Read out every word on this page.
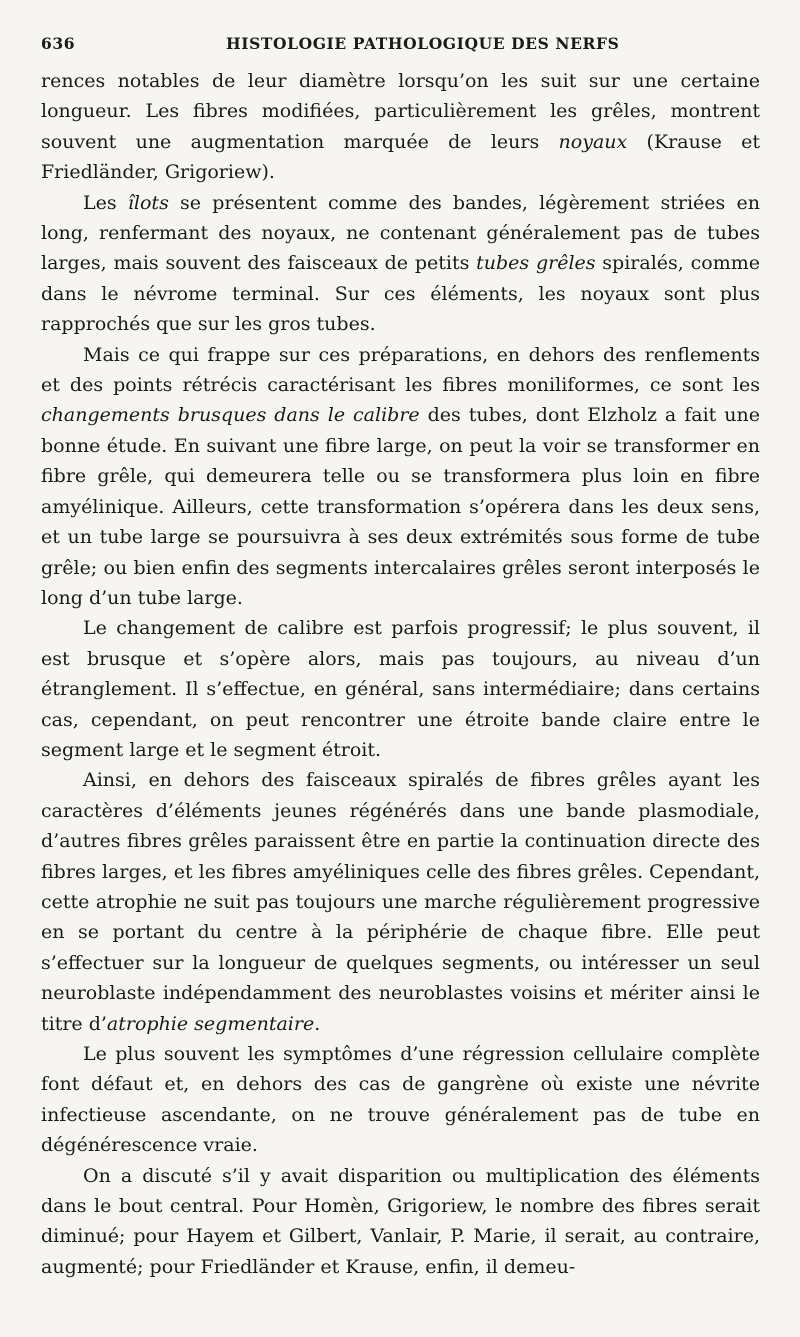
636	HISTOLOGIE PATHOLOGIQUE DES NERFS

rences notables de leur diamètre lorsqu’on les suit sur une certaine longueur. Les fibres modifiées, particulièrement les grêles, montrent souvent une augmentation marquée de leurs noyaux (Krause et Friedländer, Grigoriew).

Les îlots se présentent comme des bandes, légèrement striées en long, renfermant des noyaux, ne contenant généralement pas de tubes larges, mais souvent des faisceaux de petits tubes grêles spiralés, comme dans le névrome terminal. Sur ces éléments, les noyaux sont plus rapprochés que sur les gros tubes.

Mais ce qui frappe sur ces préparations, en dehors des renflements et des points rétrécis caractérisant les fibres moniliformes, ce sont les changements brusques dans le calibre des tubes, dont Elzholz a fait une bonne étude. En suivant une fibre large, on peut la voir se transformer en fibre grêle, qui demeurera telle ou se transformera plus loin en fibre amyélinique. Ailleurs, cette transformation s’opérera dans les deux sens, et un tube large se poursuivra à ses deux extrémités sous forme de tube grêle; ou bien enfin des segments intercalaires grêles seront interposés le long d’un tube large.

Le changement de calibre est parfois progressif; le plus souvent, il est brusque et s’opère alors, mais pas toujours, au niveau d’un étranglement. Il s’effectue, en général, sans intermédiaire; dans certains cas, cependant, on peut rencontrer une étroite bande claire entre le segment large et le segment étroit.

Ainsi, en dehors des faisceaux spiralés de fibres grêles ayant les caractères d’éléments jeunes régénérés dans une bande plasmodiale, d’autres fibres grêles paraissent être en partie la continuation directe des fibres larges, et les fibres amyéliniques celle des fibres grêles. Cependant, cette atrophie ne suit pas toujours une marche régulièrement progressive en se portant du centre à la périphérie de chaque fibre. Elle peut s’effectuer sur la longueur de quelques segments, ou intéresser un seul neuroblaste indépendamment des neuroblastes voisins et mériter ainsi le titre d’atrophie segmentaire.

Le plus souvent les symptômes d’une régression cellulaire complète font défaut et, en dehors des cas de gangrène où existe une névrite infectieuse ascendante, on ne trouve généralement pas de tube en dégénérescence vraie.

On a discuté s’il y avait disparition ou multiplication des éléments dans le bout central. Pour Homèn, Grigoriew, le nombre des fibres serait diminué; pour Hayem et Gilbert, Vanlair, P. Marie, il serait, au contraire, augmenté; pour Friedländer et Krause, enfin, il demeu-
